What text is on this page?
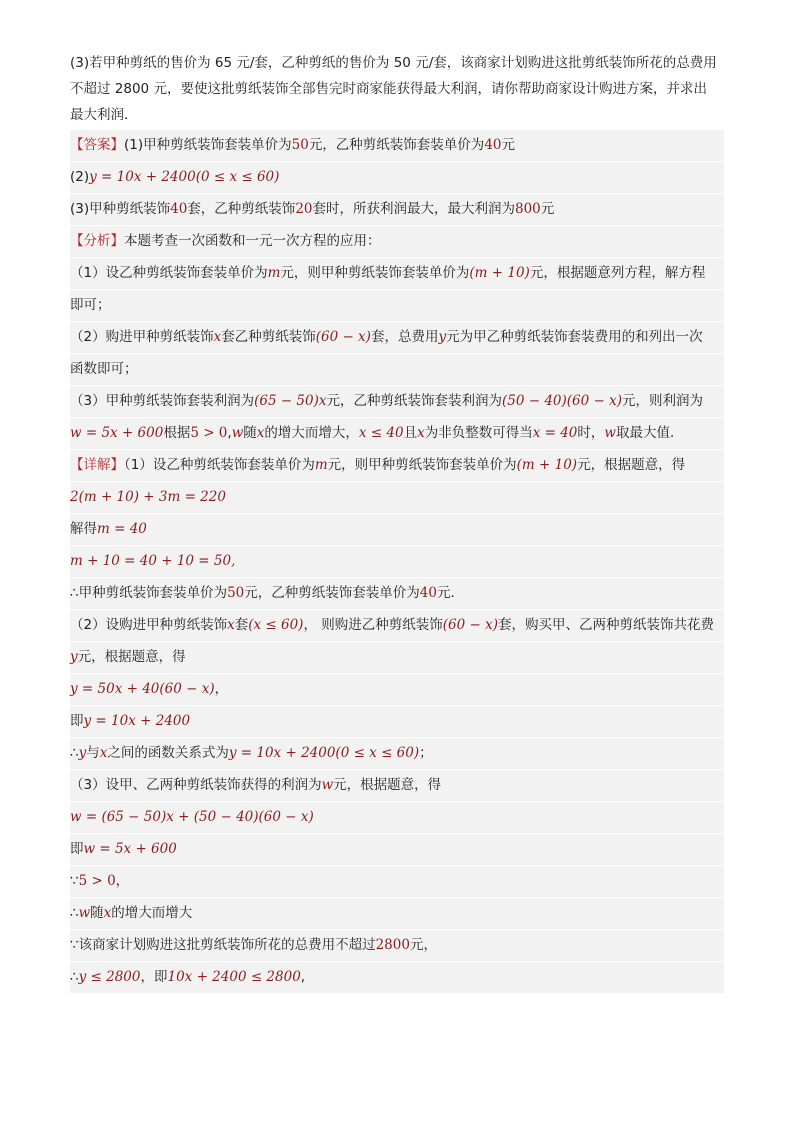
(3)若甲种剪纸的售价为 65 元/套，乙种剪纸的售价为 50 元/套，该商家计划购进这批剪纸装饰所花的总费用

不超过 2800 元，要使这批剪纸装饰全部售完时商家能获得最大利润，请你帮助商家设计购进方案，并求出

最大利润．

【答案】(1)甲种剪纸装饰套装单价为50元，乙种剪纸装饰套装单价为40元
(2)y = 10x + 2400(0 ≤ x ≤ 60)
(3)甲种剪纸装饰40套，乙种剪纸装饰20套时，所获利润最大，最大利润为800元
【分析】本题考查一次函数和一元一次方程的应用：
（1）设乙种剪纸装饰套装单价为m元，则甲种剪纸装饰套装单价为(m + 10)元，根据题意列方程，解方程
即可；
（2）购进甲种剪纸装饰x套乙种剪纸装饰(60 − x)套，总费用y元为甲乙种剪纸装饰套装费用的和列出一次
函数即可；
（3）甲种剪纸装饰套装利润为(65 − 50)x元，乙种剪纸装饰套装利润为(50 − 40)(60 − x)元，则利润为
w = 5x + 600根据5 > 0,w随x的增大而增大，x ≤ 40且x为非负整数可得当x = 40时，w取最大值．
【详解】（1）设乙种剪纸装饰套装单价为m元，则甲种剪纸装饰套装单价为(m + 10)元，根据题意，得
2(m + 10) + 3m = 220
解得m = 40
m + 10 = 40 + 10 = 50,
∴甲种剪纸装饰套装单价为50元，乙种剪纸装饰套装单价为40元．
（2）设购进甲种剪纸装饰x套(x ≤ 60)， 则购进乙种剪纸装饰(60 − x)套，购买甲、乙两种剪纸装饰共花费
y元，根据题意，得
y = 50x + 40(60 − x)，
即y = 10x + 2400
∴y与x之间的函数关系式为y = 10x + 2400(0 ≤ x ≤ 60)；
（3）设甲、乙两种剪纸装饰获得的利润为w元，根据题意，得
w = (65 − 50)x + (50 − 40)(60 − x)
即w = 5x + 600
∵5 > 0，
∴w随x的增大而增大
∵该商家计划购进这批剪纸装饰所花的总费用不超过2800元，
∴y ≤ 2800，即10x + 2400 ≤ 2800,
